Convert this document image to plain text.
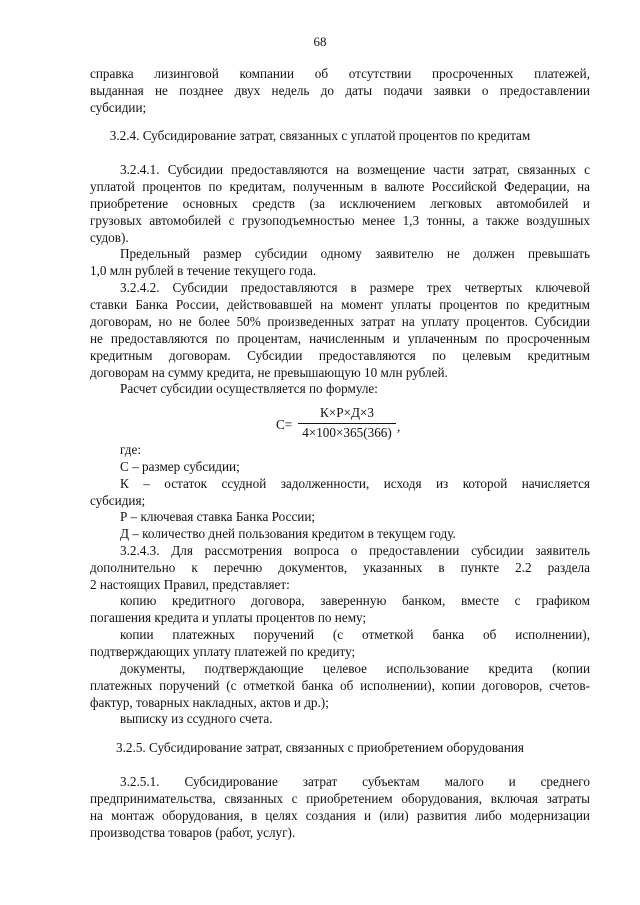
68
справка лизинговой компании об отсутствии просроченных платежей,
выданная не позднее двух недель до даты подачи заявки о предоставлении
субсидии;
3.2.4. Субсидирование затрат, связанных с уплатой процентов по кредитам
3.2.4.1. Субсидии предоставляются на возмещение части затрат, связанных с
уплатой процентов по кредитам, полученным в валюте Российской Федерации, на
приобретение основных средств (за исключением легковых автомобилей и
грузовых автомобилей с грузоподъемностью менее 1,3 тонны, а также воздушных
судов).
Предельный размер субсидии одному заявителю не должен превышать
1,0 млн рублей в течение текущего года.
3.2.4.2. Субсидии предоставляются в размере трех четвертых ключевой
ставки Банка России, действовавшей на момент уплаты процентов по кредитным
договорам, но не более 50% произведенных затрат на уплату процентов. Субсидии
не предоставляются по процентам, начисленным и уплаченным по просроченным
кредитным договорам. Субсидии предоставляются по целевым кредитным
договорам на сумму кредита, не превышающую 10 млн рублей.
Расчет субсидии осуществляется по формуле:
С=
К×Р×Д×3
4×100×365(366) ,
где:
С – размер субсидии;
К – остаток ссудной задолженности, исходя из которой начисляется
субсидия;
Р – ключевая ставка Банка России;
Д – количество дней пользования кредитом в текущем году.
3.2.4.3. Для рассмотрения вопроса о предоставлении субсидии заявитель
дополнительно к перечню документов, указанных в пункте 2.2 раздела
2 настоящих Правил, представляет:
копию кредитного договора, заверенную банком, вместе с графиком
погашения кредита и уплаты процентов по нему;
копии платежных поручений (с отметкой банка об исполнении),
подтверждающих уплату платежей по кредиту;
документы, подтверждающие целевое использование кредита (копии
платежных поручений (с отметкой банка об исполнении), копии договоров, счетов-
фактур, товарных накладных, актов и др.);
выписку из ссудного счета.
3.2.5. Субсидирование затрат, связанных с приобретением оборудования
3.2.5.1. Субсидирование затрат субъектам малого и среднего
предпринимательства, связанных с приобретением оборудования, включая затраты
на монтаж оборудования, в целях создания и (или) развития либо модернизации
производства товаров (работ, услуг).
